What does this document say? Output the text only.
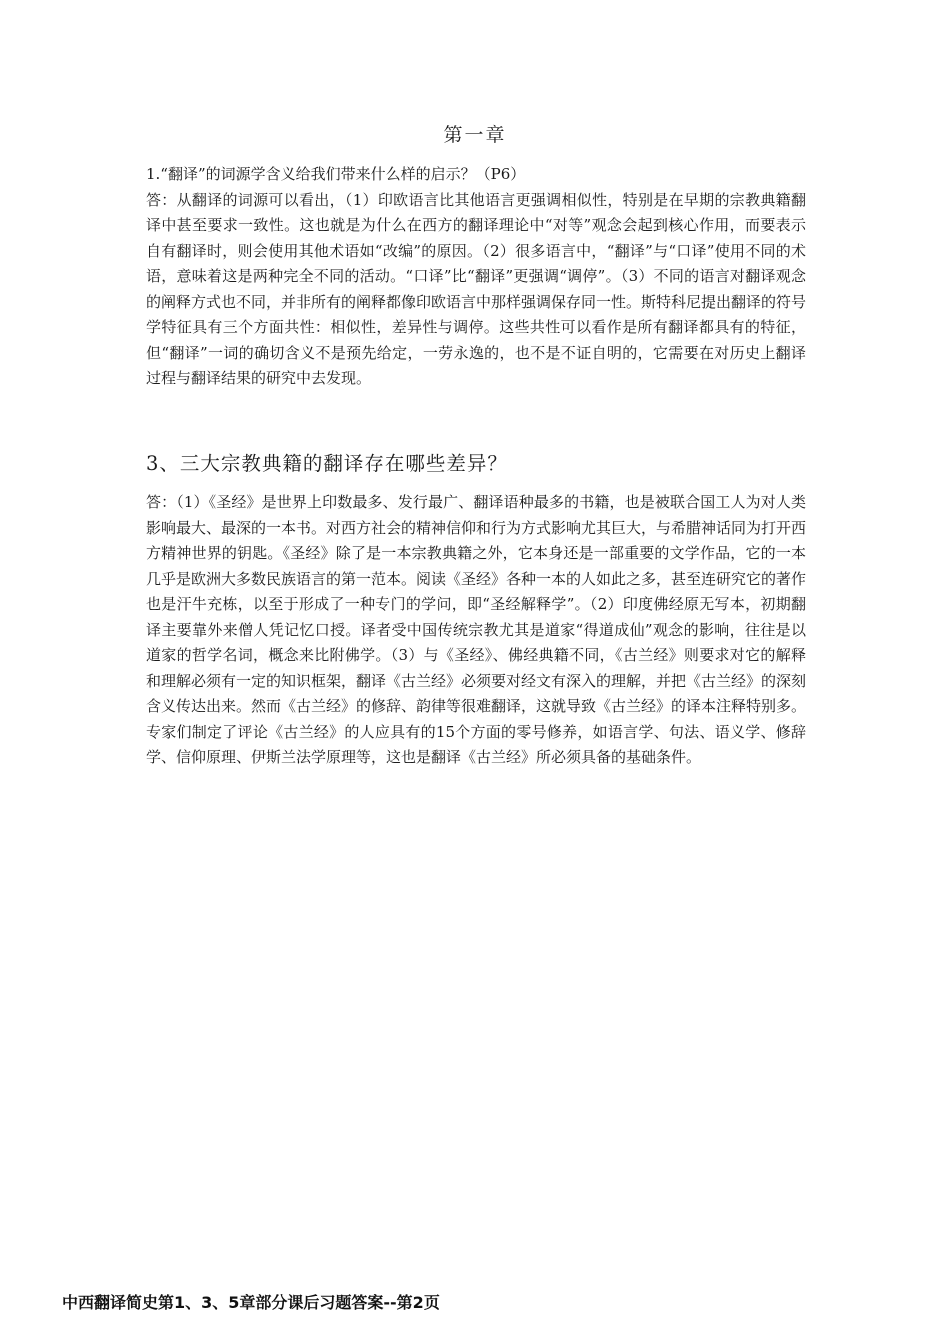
第一章
1.“翻译”的词源学含义给我们带来什么样的启示？（P6）
答：从翻译的词源可以看出，（1）印欧语言比其他语言更强调相似性，特别是在早期的宗教典籍翻译中甚至要求一致性。这也就是为什么在西方的翻译理论中“对等”观念会起到核心作用，而要表示自有翻译时，则会使用其他术语如“改编”的原因。（2）很多语言中，“翻译”与“口译”使用不同的术语，意味着这是两种完全不同的活动。“口译”比“翻译”更强调“调停”。（3）不同的语言对翻译观念的阐释方式也不同，并非所有的阐释都像印欧语言中那样强调保存同一性。斯特科尼提出翻译的符号学特征具有三个方面共性：相似性，差异性与调停。这些共性可以看作是所有翻译都具有的特征，但“翻译”一词的确切含义不是预先给定，一劳永逸的，也不是不证自明的，它需要在对历史上翻译过程与翻译结果的研究中去发现。
3、三大宗教典籍的翻译存在哪些差异？
答：（1）《圣经》是世界上印数最多、发行最广、翻译语种最多的书籍，也是被联合国工人为对人类影响最大、最深的一本书。对西方社会的精神信仰和行为方式影响尤其巨大，与希腊神话同为打开西方精神世界的钥匙。《圣经》除了是一本宗教典籍之外，它本身还是一部重要的文学作品，它的一本几乎是欧洲大多数民族语言的第一范本。阅读《圣经》各种一本的人如此之多，甚至连研究它的著作也是汗牛充栋，以至于形成了一种专门的学问，即“圣经解释学”。（2）印度佛经原无写本，初期翻译主要靠外来僧人凭记忆口授。译者受中国传统宗教尤其是道家“得道成仙”观念的影响，往往是以道家的哲学名词，概念来比附佛学。（3）与《圣经》、佛经典籍不同，《古兰经》则要求对它的解释和理解必须有一定的知识框架，翻译《古兰经》必须要对经文有深入的理解，并把《古兰经》的深刻含义传达出来。然而《古兰经》的修辞、韵律等很难翻译，这就导致《古兰经》的译本注释特别多。专家们制定了评论《古兰经》的人应具有的15个方面的零号修养，如语言学、句法、语义学、修辞学、信仰原理、伊斯兰法学原理等，这也是翻译《古兰经》所必须具备的基础条件。
中西翻译简史第1、3、5章部分课后习题答案--第2页
